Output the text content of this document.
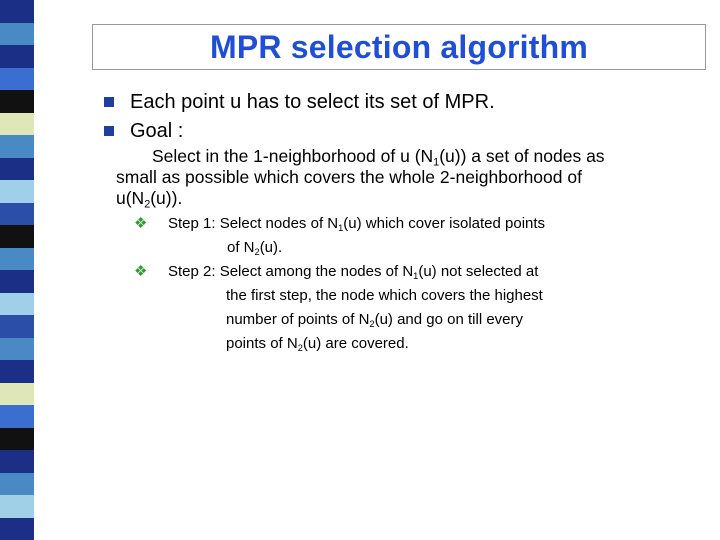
MPR selection algorithm
Each point u has to select its set of MPR.
Goal :
Select in the 1-neighborhood of u $(N_1(u))$ a set of nodes as
small as possible which covers the whole 2-neighborhood of
$u(N_2(u))$.
❖	Step 1: Select nodes of $N_1(u)$ which cover isolated points
of $N_2(u)$.
❖	Step 2: Select among the nodes of $N_1(u)$ not selected at
the first step, the node which covers the highest
number of points of $N_2(u)$ and go on till every
points of $N_2(u)$ are covered.
